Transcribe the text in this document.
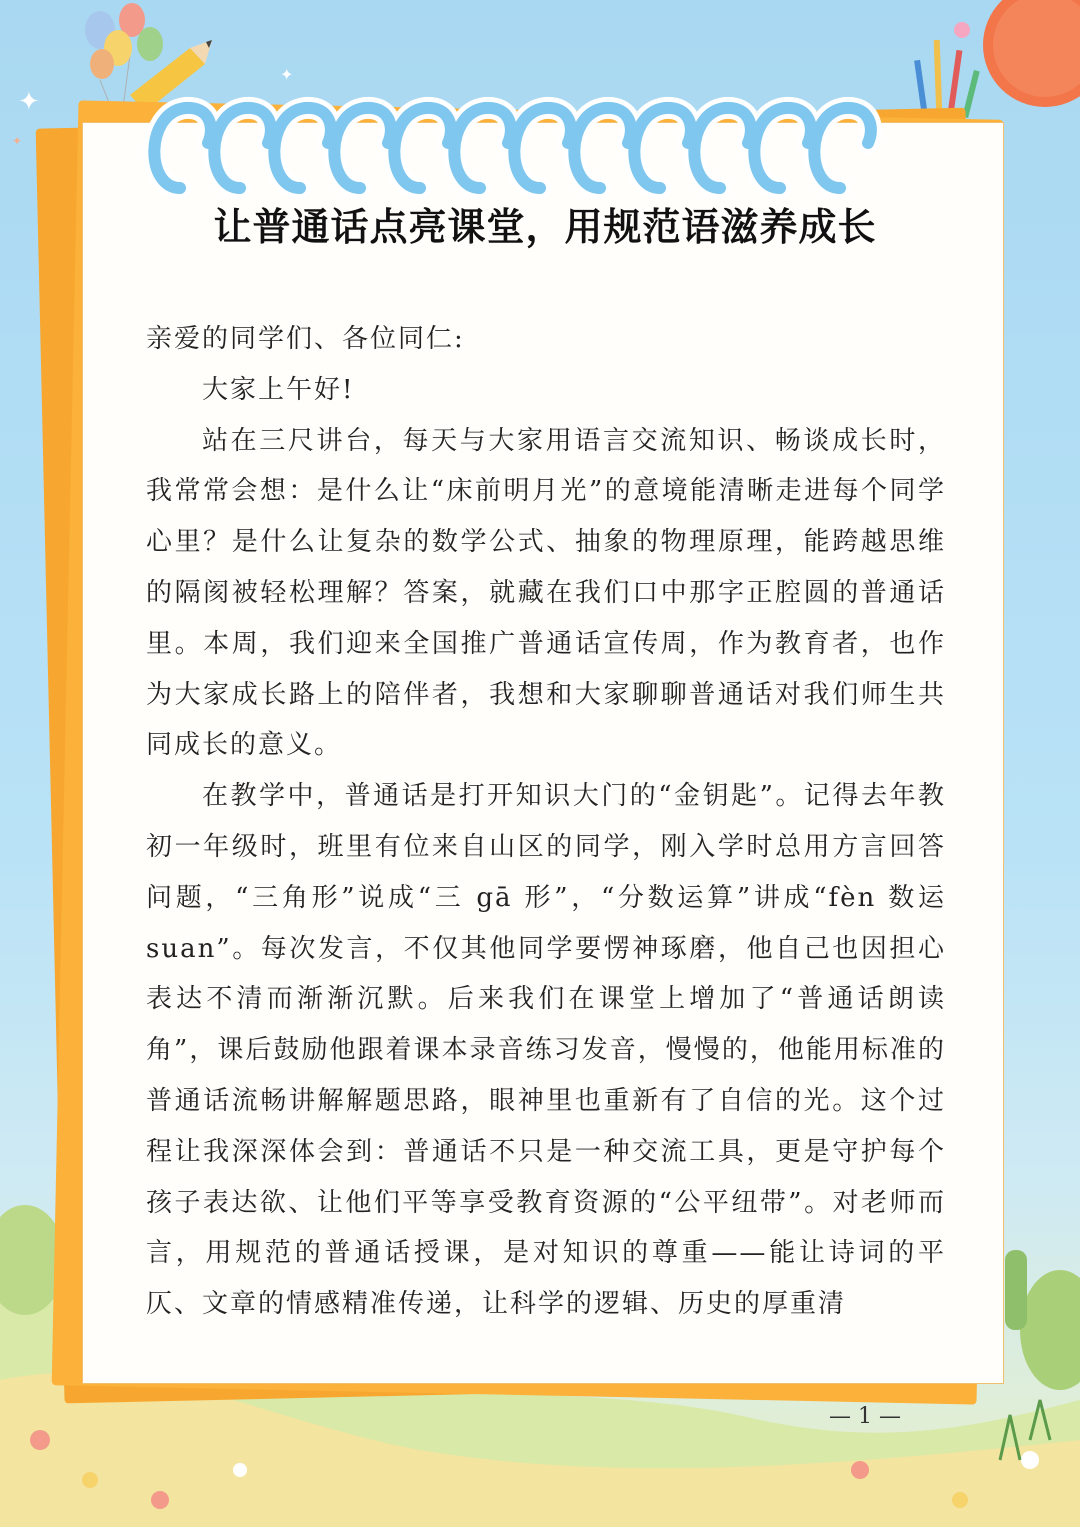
✦
✦
✦
让普通话点亮课堂，用规范语滋养成长

亲爱的同学们、各位同仁:

大家上午好!

站在三尺讲台，每天与大家用语言交流知识、畅谈成长时，我常常会想：是什么让“床前明月光”的意境能清晰走进每个同学心里？是什么让复杂的数学公式、抽象的物理原理，能跨越思维的隔阂被轻松理解？答案，就藏在我们口中那字正腔圆的普通话里。本周，我们迎来全国推广普通话宣传周，作为教育者，也作为大家成长路上的陪伴者，我想和大家聊聊普通话对我们师生共同成长的意义。

在教学中，普通话是打开知识大门的“金钥匙”。记得去年教初一年级时，班里有位来自山区的同学，刚入学时总用方言回答问题，“三角形”说成“三 gā 形”，“分数运算”讲成“fèn 数运 suan”。每次发言，不仅其他同学要愣神琢磨，他自己也因担心表达不清而渐渐沉默。后来我们在课堂上增加了“普通话朗读角”，课后鼓励他跟着课本录音练习发音，慢慢的，他能用标准的普通话流畅讲解解题思路，眼神里也重新有了自信的光。这个过程让我深深体会到：普通话不只是一种交流工具，更是守护每个孩子表达欲、让他们平等享受教育资源的“公平纽带”。对老师而言，用规范的普通话授课，是对知识的尊重——能让诗词的平仄、文章的情感精准传递，让科学的逻辑、历史的厚重清

— 1 —
